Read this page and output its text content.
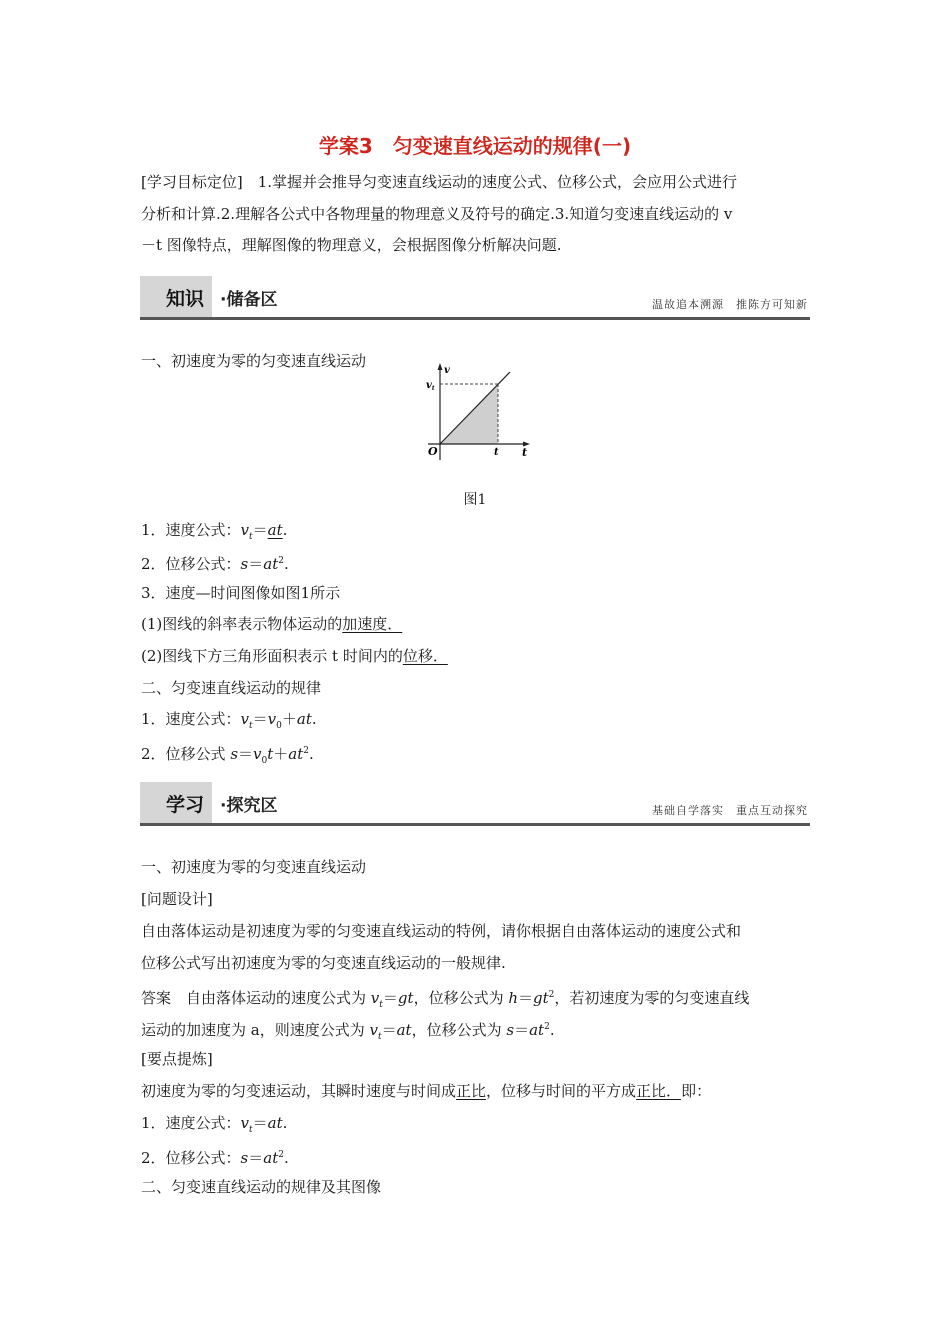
学案3　匀变速直线运动的规律(一)
[学习目标定位]　1.掌握并会推导匀变速直线运动的速度公式、位移公式，会应用公式进行
分析和计算.2.理解各公式中各物理量的物理意义及符号的确定.3.知道匀变速直线运动的 v
－t 图像特点，理解图像的物理意义，会根据图像分析解决问题.
知识 ·储备区	温故追本溯源　推陈方可知新
一、初速度为零的匀变速直线运动
v
$v_t$
O	t t
图1
1．速度公式：$v_t=at$.
2．位移公式：$s=at^2$.
3．速度—时间图像如图1所示
(1)图线的斜率表示物体运动的加速度．
(2)图线下方三角形面积表示 t 时间内的位移．
二、匀变速直线运动的规律
1．速度公式：$v_t=v_0+at$.
2．位移公式 $s=v_0t+at^2$.
学习 ·探究区	基础自学落实　重点互动探究
一、初速度为零的匀变速直线运动
[问题设计]
自由落体运动是初速度为零的匀变速直线运动的特例，请你根据自由落体运动的速度公式和
位移公式写出初速度为零的匀变速直线运动的一般规律.
答案　自由落体运动的速度公式为 $v_t=gt$，位移公式为 $h=gt^2$，若初速度为零的匀变速直线
运动的加速度为 a，则速度公式为 $v_t=at$，位移公式为 $s=at^2$.
[要点提炼]
初速度为零的匀变速运动，其瞬时速度与时间成正比，位移与时间的平方成正比．即：
1．速度公式：$v_t=at$.
2．位移公式：$s=at^2$.
二、匀变速直线运动的规律及其图像
